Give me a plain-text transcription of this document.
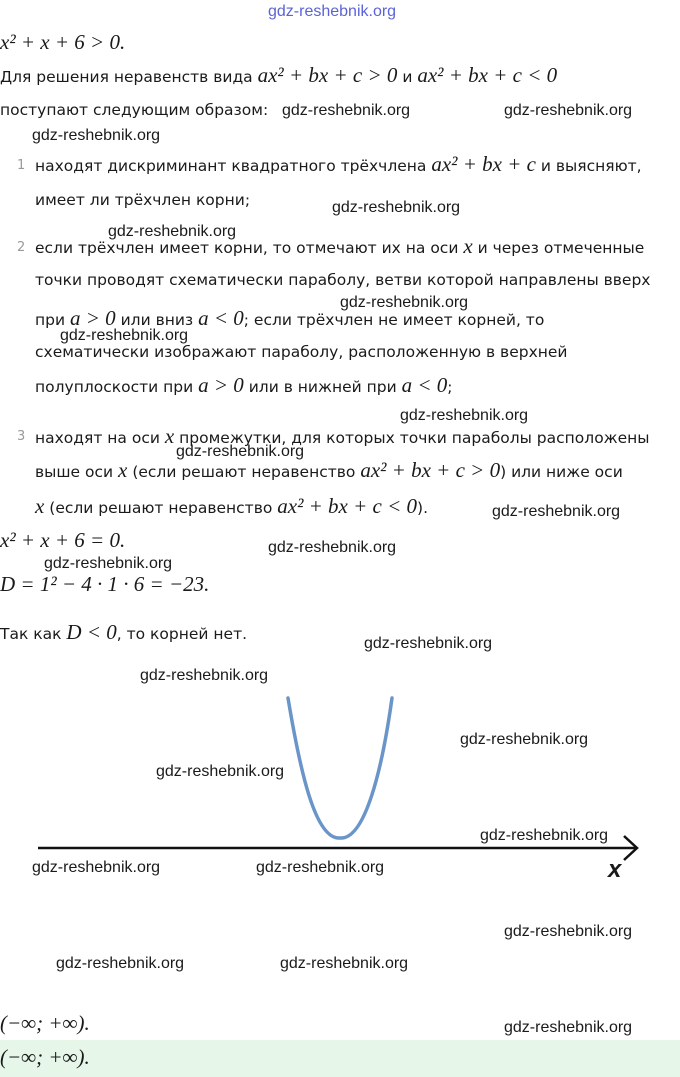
gdz-reshebnik.org
x² + x + 6 > 0.
Для решения неравенств вида ax² + bx + c > 0 и ax² + bx + c < 0
поступают следующим образом:
1 находят дискриминант квадратного трёхчлена ax² + bx + c и выясняют,
имеет ли трёхчлен корни;
2 если трёхчлен имеет корни, то отмечают их на оси x и через отмеченные
точки проводят схематически параболу, ветви которой направлены вверх
при a > 0 или вниз a < 0; если трёхчлен не имеет корней, то
схематически изображают параболу, расположенную в верхней
полуплоскости при a > 0 или в нижней при a < 0;
3 находят на оси x промежутки, для которых точки параболы расположены
выше оси x (если решают неравенство ax² + bx + c > 0) или ниже оси
x (если решают неравенство ax² + bx + c < 0).
x² + x + 6 = 0.
D = 1² − 4 · 1 · 6 = −23.
Так как D < 0, то корней нет.
x
(−∞; +∞).
(−∞; +∞).
gdz-reshebnik.org	gdz-reshebnik.org
gdz-reshebnik.org
gdz-reshebnik.org
gdz-reshebnik.org
gdz-reshebnik.org
gdz-reshebnik.org
gdz-reshebnik.org
gdz-reshebnik.org
gdz-reshebnik.org
gdz-reshebnik.org
gdz-reshebnik.org
gdz-reshebnik.org
gdz-reshebnik.org
gdz-reshebnik.org
gdz-reshebnik.org
gdz-reshebnik.org
gdz-reshebnik.org	gdz-reshebnik.org
gdz-reshebnik.org
gdz-reshebnik.org	gdz-reshebnik.org
gdz-reshebnik.org
